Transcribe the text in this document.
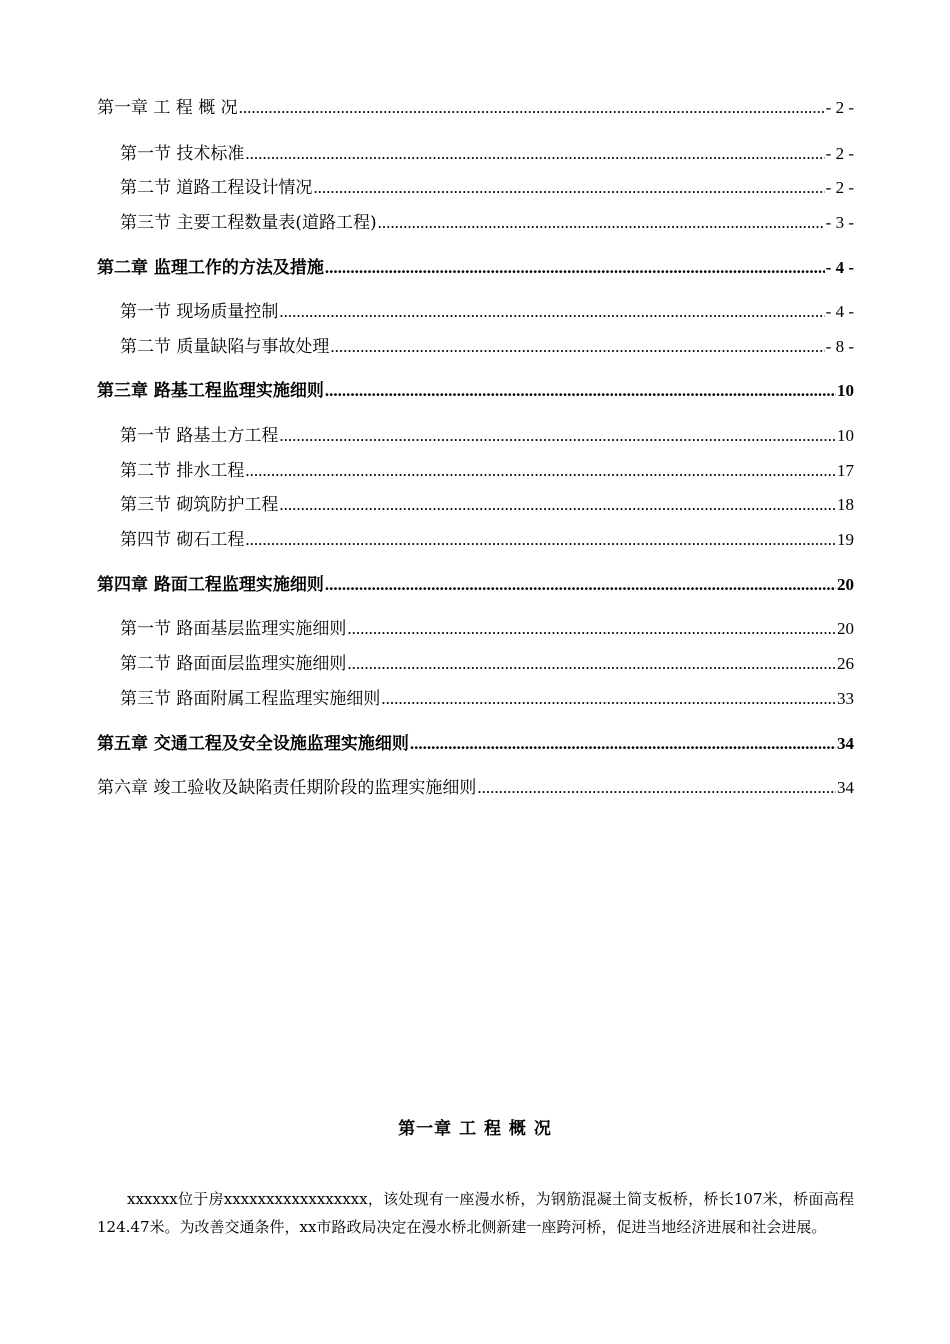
第一章 工 程 概 况 .....	- 2 -
第一节 技术标准 .....	- 2 -
第二节 道路工程设计情况 .....	- 2 -
第三节 主要工程数量表(道路工程) .....	- 3 -
第二章 监理工作的方法及措施 .....	- 4 -
第一节 现场质量控制 .....	- 4 -
第二节 质量缺陷与事故处理 .....	- 8 -
第三章 路基工程监理实施细则 .....	10
第一节 路基土方工程 .....	10
第二节 排水工程 .....	17
第三节 砌筑防护工程 .....	18
第四节 砌石工程 .....	19
第四章 路面工程监理实施细则 .....	20
第一节 路面基层监理实施细则 .....	20
第二节 路面面层监理实施细则 .....	26
第三节 路面附属工程监理实施细则 .....	33
第五章 交通工程及安全设施监理实施细则 .....	34
第六章 竣工验收及缺陷责任期阶段的监理实施细则 .....	34
第一章 工 程 概 况

xxxxxx位于房xxxxxxxxxxxxxxxxx，该处现有一座漫水桥，为钢筋混凝土简支板桥，桥长107米，桥面高程124.47米。为改善交通条件，xx市路政局决定在漫水桥北侧新建一座跨河桥，促进当地经济进展和社会进展。
